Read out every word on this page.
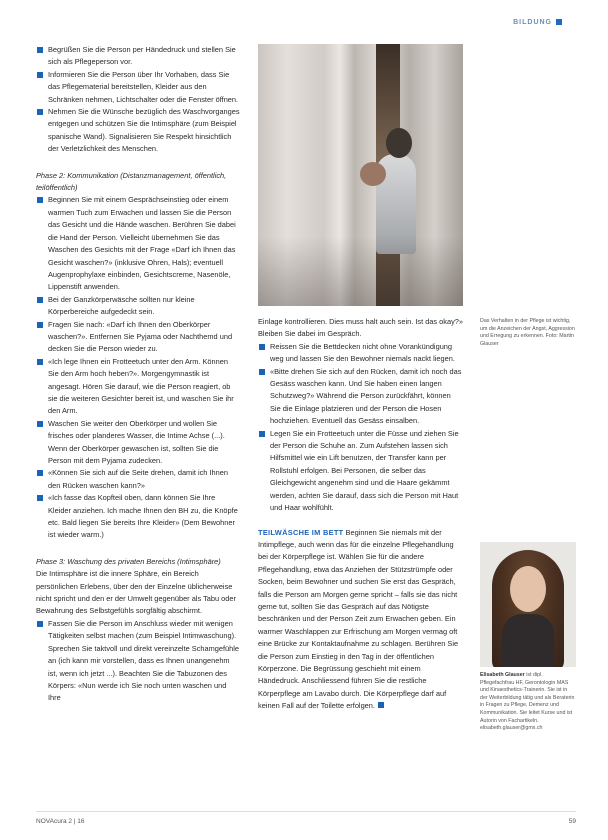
BILDUNG

Begrüßen Sie die Person per Händedruck und stellen Sie sich als Pflegeperson vor.

Informieren Sie die Person über Ihr Vorhaben, dass Sie das Pflegematerial bereitstellen, Kleider aus den Schränken nehmen, Lichtschalter oder die Fenster öffnen.

Nehmen Sie die Wünsche bezüglich des Waschvorganges entgegen und schützen Sie die Intimsphäre (zum Beispiel spanische Wand). Signalisieren Sie Respekt hinsichtlich der Verletzlichkeit des Menschen.

Phase 2: Kommunikation (Distanzmanagement, öffentlich, teilöffentlich)

Beginnen Sie mit einem Gesprächseinstieg oder einem warmen Tuch zum Erwachen und lassen Sie die Person das Gesicht und die Hände waschen. Berühren Sie dabei die Hand der Person. Vielleicht übernehmen Sie das Waschen des Gesichts mit der Frage «Darf ich Ihnen das Gesicht waschen?» (inklusive Ohren, Hals); eventuell Augenprophylaxe einbinden, Gesichtscreme, Nasenöle, Lippenstift anwenden.

Bei der Ganzkörperwäsche sollten nur kleine Körperbereiche aufgedeckt sein.

Fragen Sie nach: «Darf ich Ihnen den Oberkörper waschen?». Entfernen Sie Pyjama oder Nachthemd und decken Sie die Person wieder zu.

«Ich lege Ihnen ein Frotteetuch unter den Arm. Können Sie den Arm hoch heben?». Morgengymnastik ist angesagt. Hören Sie darauf, wie die Person reagiert, ob sie die weiteren Gesichter bereit ist, und waschen Sie ihr den Arm.

Waschen Sie weiter den Oberkörper und wollen Sie frisches oder planderes Wasser, die Intime Achse (...). Wenn der Oberkörper gewaschen ist, sollten Sie die Person mit dem Pyjama zudecken.

«Können Sie sich auf die Seite drehen, damit ich Ihnen den Rücken waschen kann?»

«Ich fasse das Kopfteil oben, dann können Sie Ihre Kleider anziehen. Ich mache Ihnen den BH zu, die Knöpfe etc. Bald liegen Sie bereits Ihre Kleider» (Dem Bewohner ist wieder warm.)

Phase 3: Waschung des privaten Bereichs (Intimsphäre)

Die Intimsphäre ist die innere Sphäre, ein Bereich persönlichen Erlebens, über den der Einzelne üblicherweise nicht spricht und den er der Umwelt gegenüber als Tabu oder Bewahrung des Selbstgefühls sorgfältig abschirmt.

Fassen Sie die Person im Anschluss wieder mit wenigen Tätigkeiten selbst machen (zum Beispiel Intimwaschung). Sprechen Sie taktvoll und direkt vereinzelte Schamgefühle an (ich kann mir vorstellen, dass es Ihnen unangenehm ist, wenn ich jetzt ...). Beachten Sie die Tabuzonen des Körpers: «Nun werde ich Sie noch unten waschen und Ihre

Das Verhalten in der Pflege ist wichtig, um die Anzeichen der Angst, Aggression und Erregung zu erkennen. Foto: Martin Glauser

Einlage kontrollieren. Dies muss halt auch sein. Ist das okay?» Bleiben Sie dabei im Gespräch.

Reissen Sie die Bettdecken nicht ohne Vorankündigung weg und lassen Sie den Bewohner niemals nackt liegen.

«Bitte drehen Sie sich auf den Rücken, damit ich noch das Gesäss waschen kann. Und Sie haben einen langen Schutzweg?» Während die Person zurückfährt, können Sie die Einlage platzieren und der Person die Hosen hochziehen. Eventuell das Gesäss einsalben.

Legen Sie ein Frotteetuch unter die Füsse und ziehen Sie der Person die Schuhe an. Zum Aufstehen lassen sich Hilfsmittel wie ein Lift benutzen, der Transfer kann per Rollstuhl erfolgen. Bei Personen, die selber das Gleichgewicht angenehm sind und die Haare gekämmt werden, achten Sie darauf, dass sich die Person mit Haut und Haar wohlfühlt.

TEILWÄSCHE IM BETT Beginnen Sie niemals mit der Intimpflege, auch wenn das für die einzelne Pflegehandlung bei der Körperpflege ist. Wählen Sie für die andere Pflegehandlung, etwa das Anziehen der Stützstrümpfe oder Socken, beim Bewohner und suchen Sie erst das Gespräch, falls die Person am Morgen gerne spricht – falls sie das nicht gerne tut, sollten Sie das Gespräch auf das Nötigste beschränken und der Person Zeit zum Erwachen geben. Ein warmer Waschlappen zur Erfrischung am Morgen vermag oft eine Brücke zur Kontaktaufnahme zu schlagen. Berühren Sie die Person zum Einstieg in den Tag in der öffentlichen Körperzone. Die Begrüssung geschieht mit einem Händedruck. Anschliessend führen Sie die restliche Körperpflege am Lavabo durch. Die Körperpflege darf auf keinen Fall auf der Toilette erfolgen.

Elisabeth Glauser ist dipl. Pflegefachfrau HF, Gerontologin MAS und Kinaesthetics-Trainerin. Sie ist in der Weiterbildung tätig und als Beraterin in Fragen zu Pflege, Demenz und Kommunikation. Sie leitet Kurse und ist Autorin von Fachartikeln.
elisabeth.glauser@gmx.ch
NOVAcura 2 | 16	59
